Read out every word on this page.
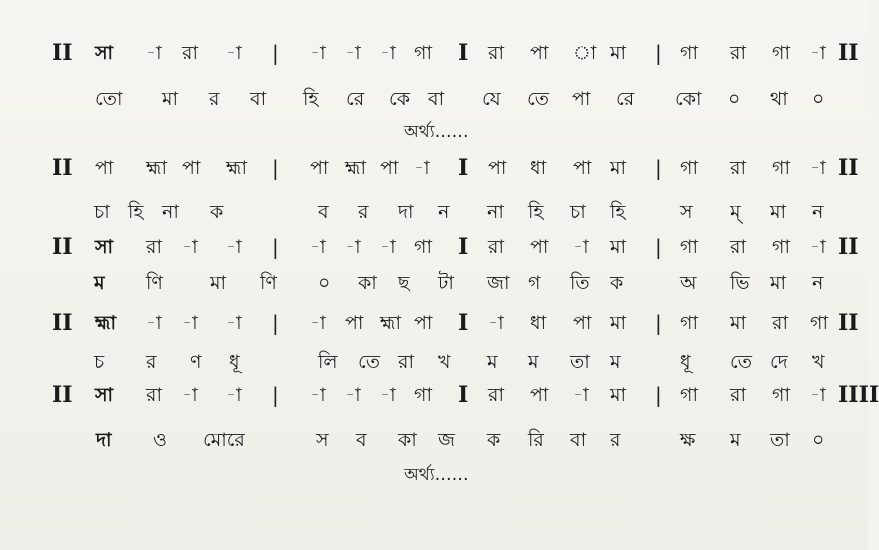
II সা -া রা -া | -া -া -া গা I রা পা া মা | গা রা গা -া II
তো মা র বা হি রে কে বা যে তে পা রে কো ০ থা ০
অর্থ্য……
II পা হ্মা পা হ্মা | পা হ্মা পা -া I পা ধা পা মা | গা রা গা -া II
চা হি না ক	ব র দা ন না হি চা হি	স ম্ মা ন
II সা রা -া -া | -া -া -া গা I রা পা -া মা | গা রা গা -া II
ম ণি মা ণি ০ কা ছ টা জা গ তি ক	অ ভি মা ন
II হ্মা -া -া -া | -া পা হ্মা পা I -া ধা পা মা | গা মা রা গা II
চ র ণ ধূ	লি তে রা খ ম ম তা ম	ধূ তে দে খ
II সা রা -া -া | -া -া -া গা I রা পা -া মা | গা রা গা -া IIII
দা ও মোরে	স ব কা জ ক রি বা র	ক্ষ ম তা ০
অর্থ্য……
